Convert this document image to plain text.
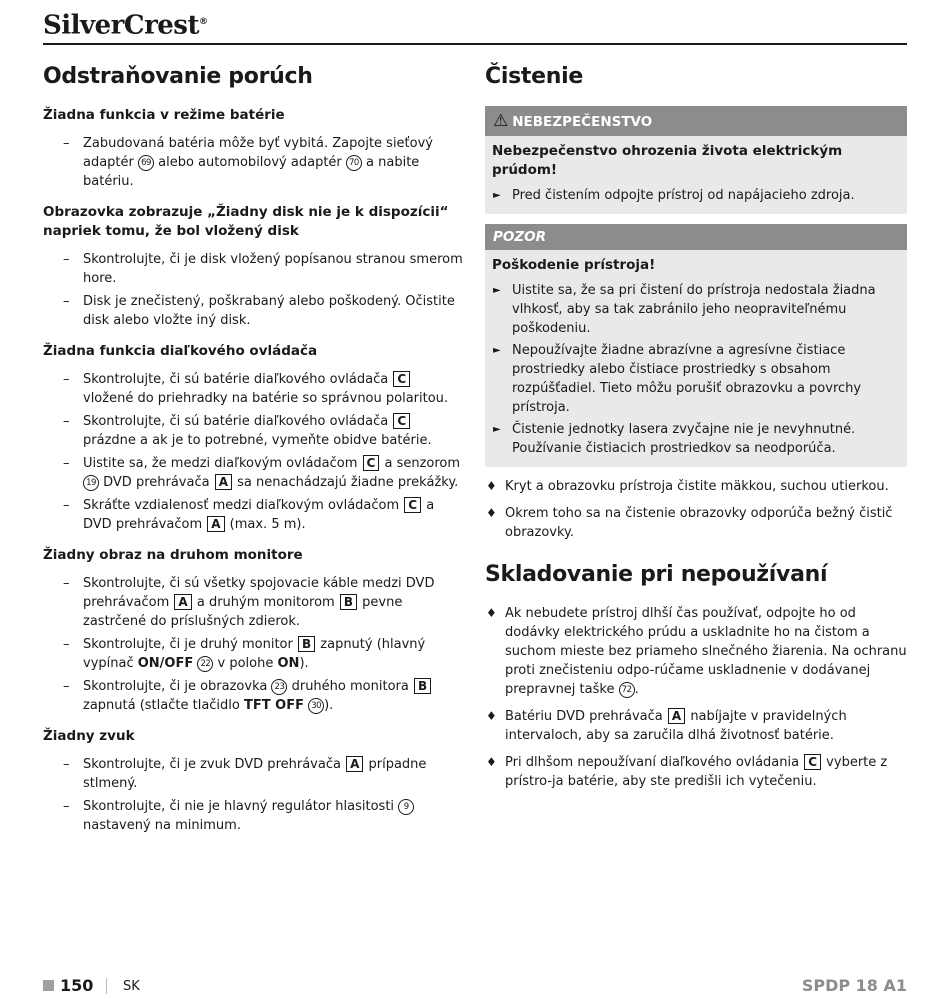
SilverCrest®
Odstraňovanie porúch
Žiadna funkcia v režime batérie
– Zabudovaná batéria môže byť vybitá. Zapojte sieťový adaptér 69 alebo automobilový adaptér 70 a nabite batériu.
Obrazovka zobrazuje „Žiadny disk nie je k dispozícii“ napriek tomu, že bol vložený disk
– Skontrolujte, či je disk vložený popísanou stranou smerom hore.
– Disk je znečistený, poškrabaný alebo poškodený. Očistite disk alebo vložte iný disk.
Žiadna funkcia diaľkového ovládača
– Skontrolujte, či sú batérie diaľkového ovládača C vložené do priehradky na batérie so správnou polaritou.
– Skontrolujte, či sú batérie diaľkového ovládača C prázdne a ak je to potrebné, vymeňte obidve batérie.
– Uistite sa, že medzi diaľkovým ovládačom C a senzorom 19 DVD prehrávača A sa nenachádzajú žiadne prekážky.
– Skráťte vzdialenosť medzi diaľkovým ovládačom C a DVD prehrávačom A (max. 5 m).
Žiadny obraz na druhom monitore
– Skontrolujte, či sú všetky spojovacie káble medzi DVD prehrávačom A a druhým monitorom B pevne zastrčené do príslušných zdierok.
– Skontrolujte, či je druhý monitor B zapnutý (hlavný vypínač ON/OFF 22 v polohe ON).
– Skontrolujte, či je obrazovka 23 druhého monitora B zapnutá (stlačte tlačidlo TFT OFF 30 ).
Žiadny zvuk
– Skontrolujte, či je zvuk DVD prehrávača A prípadne stlmený.
– Skontrolujte, či nie je hlavný regulátor hlasitosti 9 nastavený na minimum.
Čistenie
⚠ NEBEZPEČENSTVO
Nebezpečenstvo ohrozenia života elektrickým prúdom!
► Pred čistením odpojte prístroj od napájacieho zdroja.
POZOR
Poškodenie prístroja!
► Uistite sa, že sa pri čistení do prístroja nedostala žiadna vlhkosť, aby sa tak zabránilo jeho neopraviteľnému poškodeniu.
► Nepoužívajte žiadne abrazívne a agresívne čistiace prostriedky alebo čistiace prostriedky s obsahom rozpúšťadiel. Tieto môžu porušiť obrazovku a povrchy prístroja.
► Čistenie jednotky lasera zvyčajne nie je nevyhnutné. Používanie čistiacich prostriedkov sa neodporúča.
♦ Kryt a obrazovku prístroja čistite mäkkou, suchou utierkou.
♦ Okrem toho sa na čistenie obrazovky odporúča bežný čistič obrazovky.
Skladovanie pri nepoužívaní
♦ Ak nebudete prístroj dlhší čas používať, odpojte ho od dodávky elektrického prúdu a uskladnite ho na čistom a suchom mieste bez priameho slnečného žiarenia. Na ochranu proti znečisteniu odpo-rúčame uskladnenie v dodávanej prepravnej taške 72 .
♦ Batériu DVD prehrávača A nabíjajte v pravidelných intervaloch, aby sa zaručila dlhá životnosť batérie.
♦ Pri dlhšom nepoužívaní diaľkového ovládania C vyberte z prístro-ja batérie, aby ste predišli ich vytečeniu.
150 SK	SPDP 18 A1
